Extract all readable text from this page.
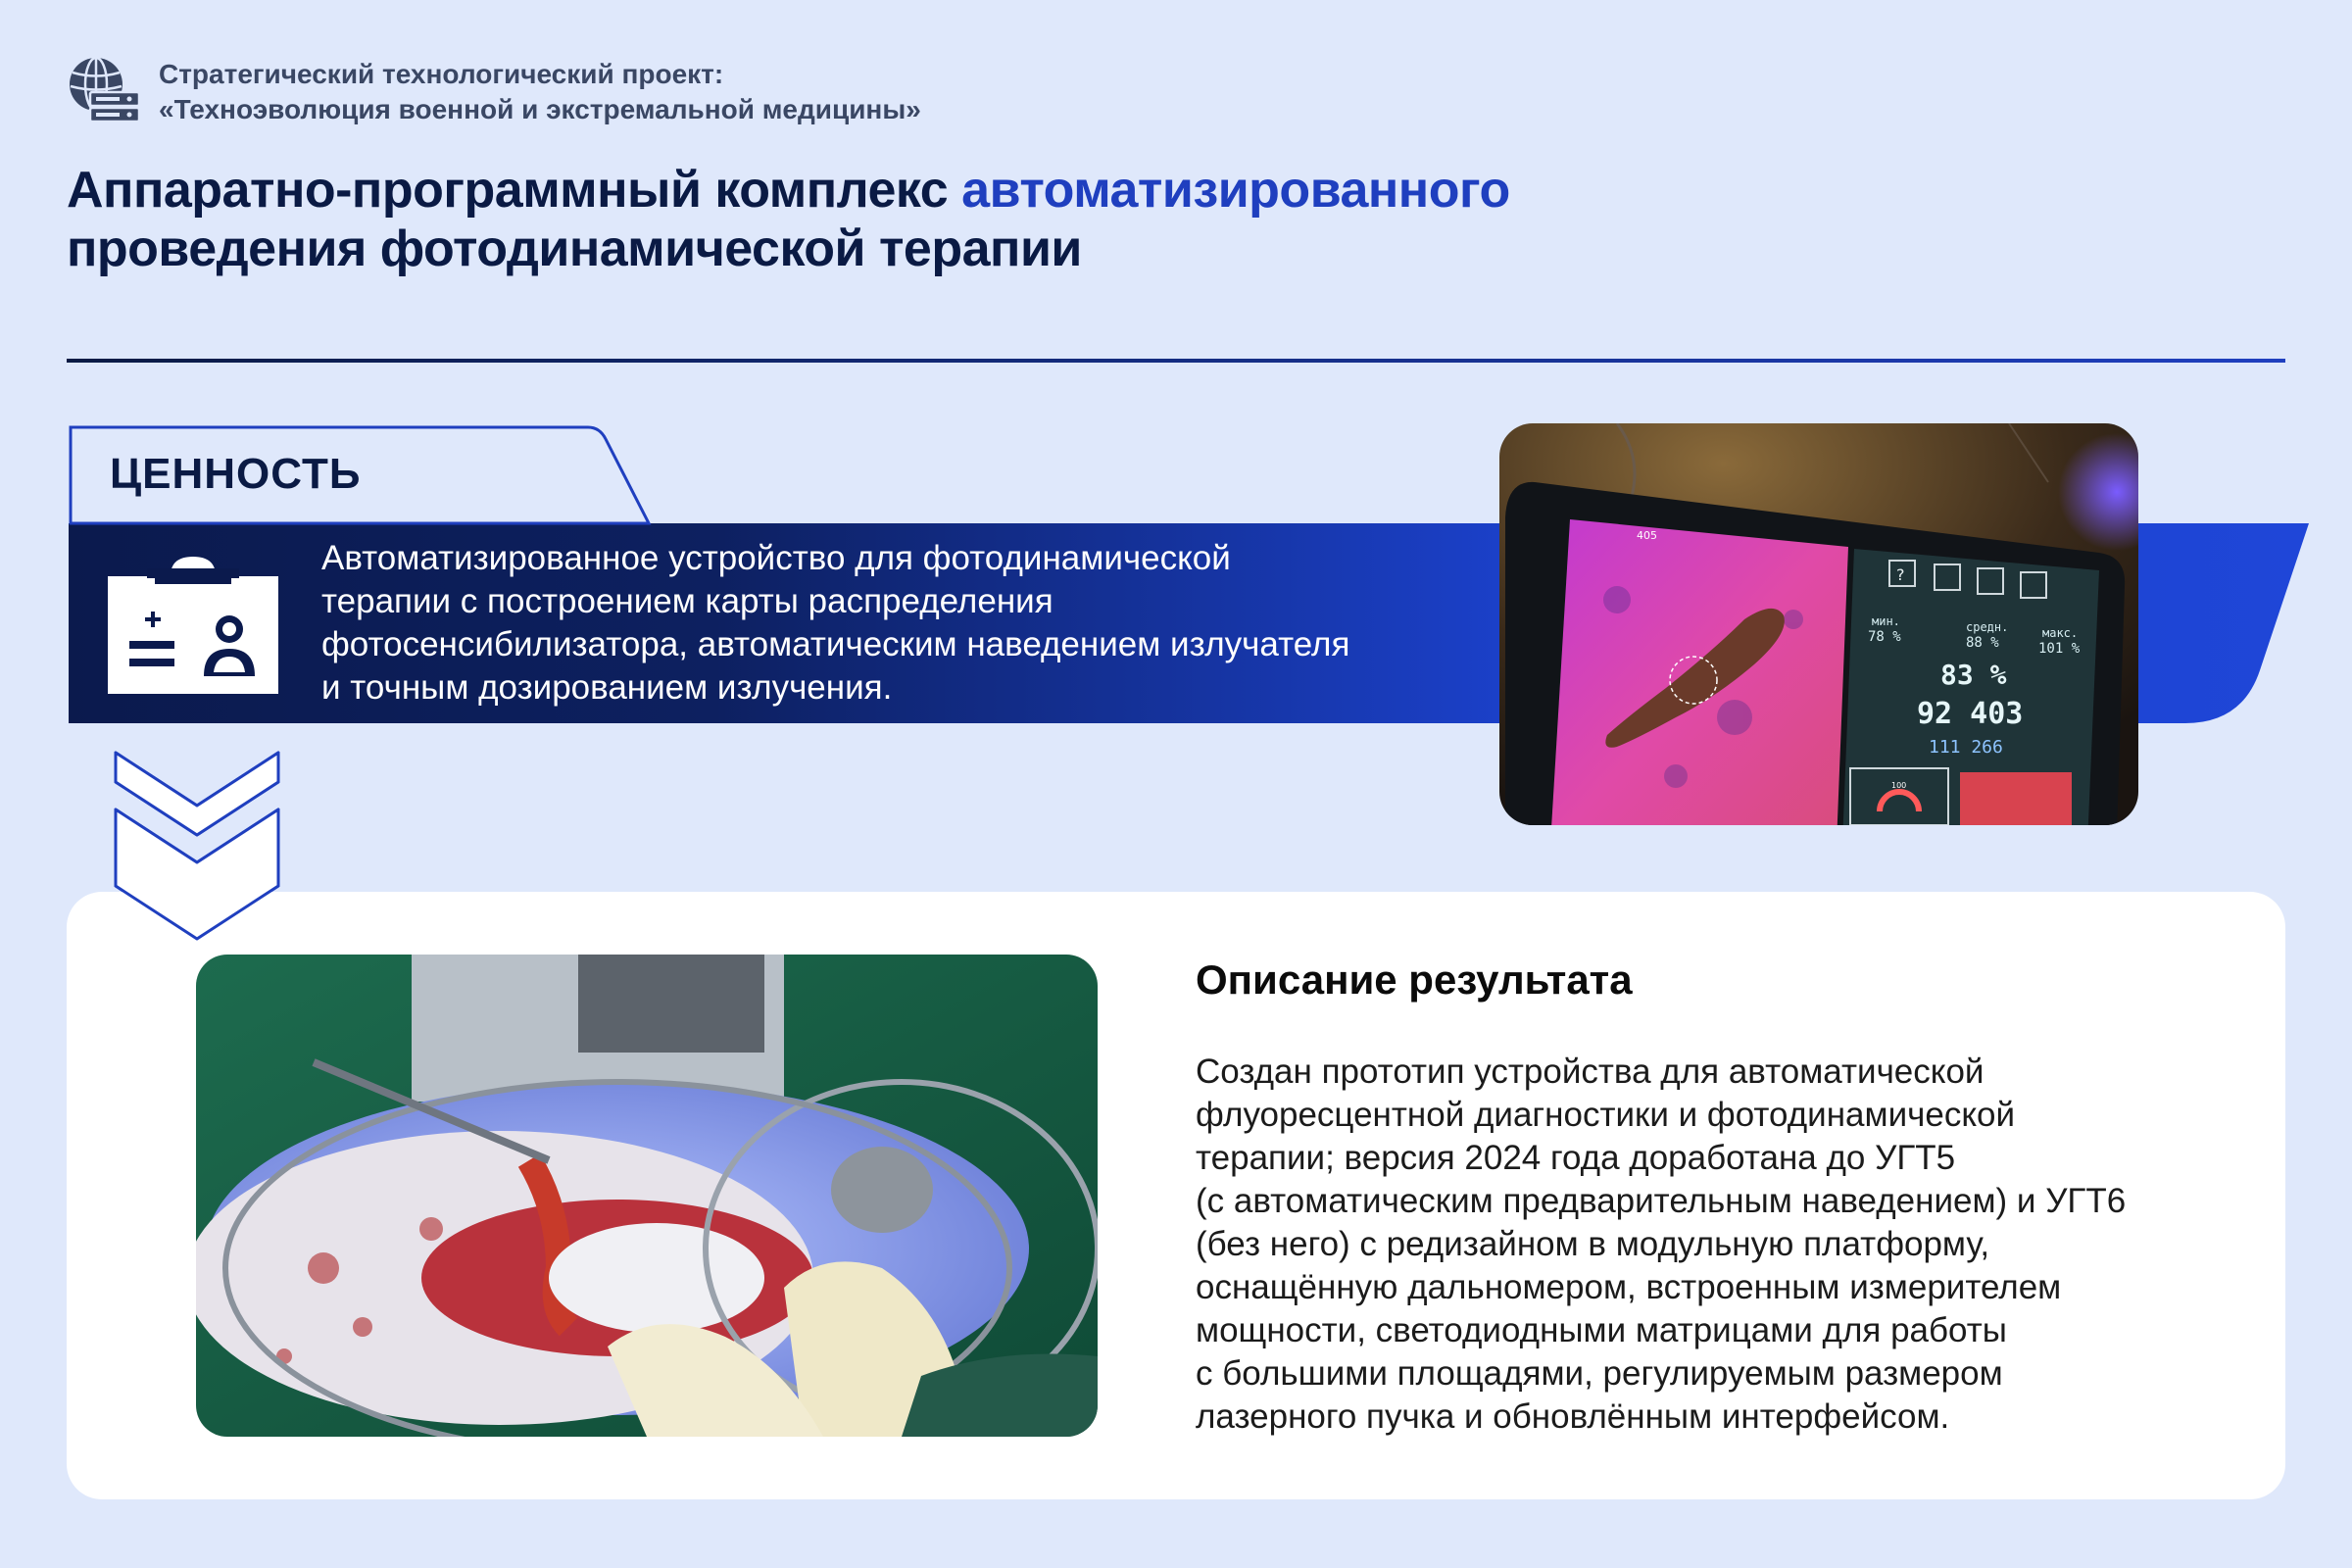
Стратегический технологический проект:
«Техноэволюция военной и экстремальной медицины»
Аппаратно-программный комплекс автоматизированного
проведения фотодинамической терапии
ЦЕННОСТЬ
Автоматизированное устройство для фотодинамической
терапии с построением карты распределения
фотосенсибилизатора, автоматическим наведением излучателя
и точным дозированием излучения.
405
?
мин.
78 %
средн.
88 %
макс.
101 %
83 %
92 403
111 266
100
Описание результата
Создан прототип устройства для автоматической
флуоресцентной диагностики и фотодинамической
терапии; версия 2024 года доработана до УГТ5
(с автоматическим предварительным наведением) и УГТ6
(без него) с редизайном в модульную платформу,
оснащённую дальномером, встроенным измерителем
мощности, светодиодными матрицами для работы
с большими площадями, регулируемым размером
лазерного пучка и обновлённым интерфейсом.
